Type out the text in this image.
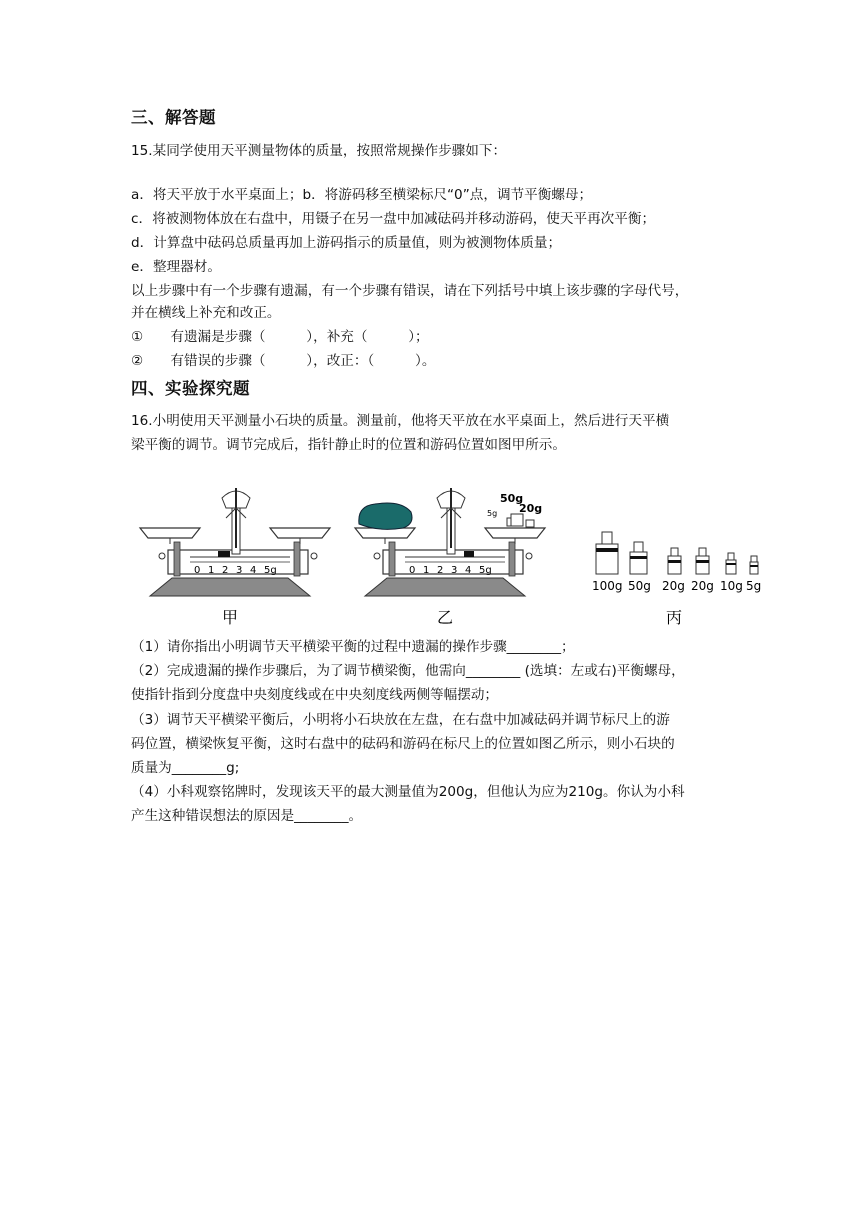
三、解答题
15.某同学使用天平测量物体的质量，按照常规操作步骤如下：
a．将天平放于水平桌面上；b．将游码移至横梁标尺“0”点，调节平衡螺母；
c．将被测物体放在右盘中，用镊子在另一盘中加减砝码并移动游码，使天平再次平衡；
d．计算盘中砝码总质量再加上游码指示的质量值，则为被测物体质量；
e．整理器材。
以上步骤中有一个步骤有遗漏，有一个步骤有错误，请在下列括号中填上该步骤的字母代号，
并在横线上补充和改正。
①　　有遗漏是步骤（　　　），补充（　　　）；
②　　有错误的步骤（　　　），改正：（　　　）。
四、实验探究题
16.小明使用天平测量小石块的质量。测量前，他将天平放在水平桌面上，然后进行天平横
梁平衡的调节。调节完成后，指针静止时的位置和游码位置如图甲所示。
0 1 2 3 4 5g
甲
50g
5g 20g
0 1 2 3 4 5g
乙
100g 50g 20g 20g 10g 5g
丙
（1）请你指出小明调节天平横梁平衡的过程中遗漏的操作步骤________；
（2）完成遗漏的操作步骤后，为了调节横梁衡，他需向________ (选填：左或右)平衡螺母，
使指针指到分度盘中央刻度线或在中央刻度线两侧等幅摆动；
（3）调节天平横梁平衡后，小明将小石块放在左盘，在右盘中加减砝码并调节标尺上的游
码位置，横梁恢复平衡，这时右盘中的砝码和游码在标尺上的位置如图乙所示，则小石块的
质量为________g;
（4）小科观察铭牌时，发现该天平的最大测量值为200g，但他认为应为210g。你认为小科
产生这种错误想法的原因是________。
